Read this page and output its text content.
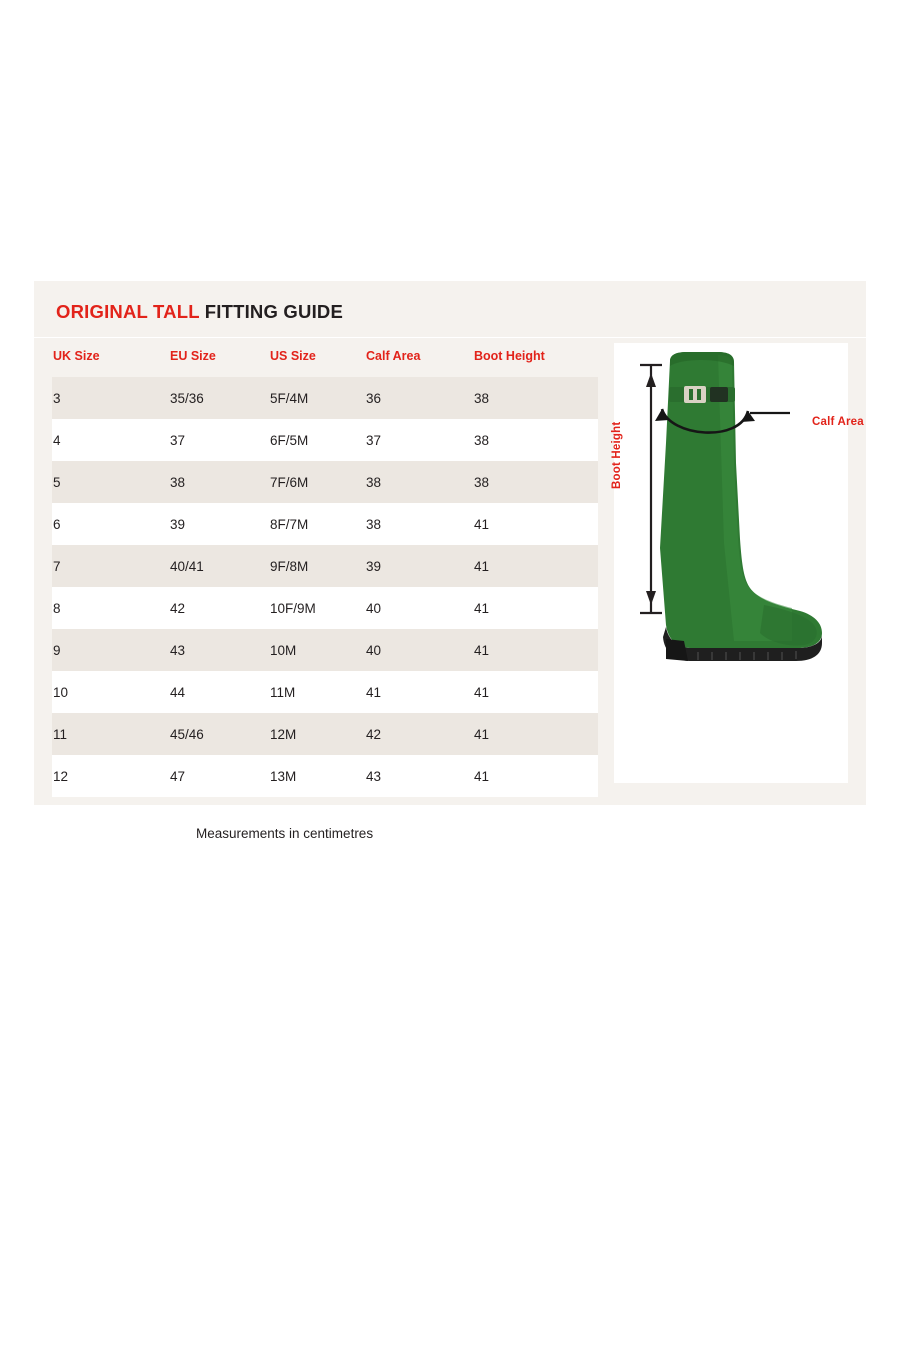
ORIGINAL TALL FITTING GUIDE
UK Size	EU Size	US Size	Calf Area	Boot Height
3	35/36	5F/4M	36	38
4	37	6F/5M	37	38
5	38	7F/6M	38	38
6	39	8F/7M	38	41
7	40/41	9F/8M	39	41
8	42	10F/9M	40	41
9	43	10M	40	41
10	44	11M	41	41
11	45/46	12M	42	41
12	47	13M	43	41
Boot Height	Calf Area
Measurements in centimetres
